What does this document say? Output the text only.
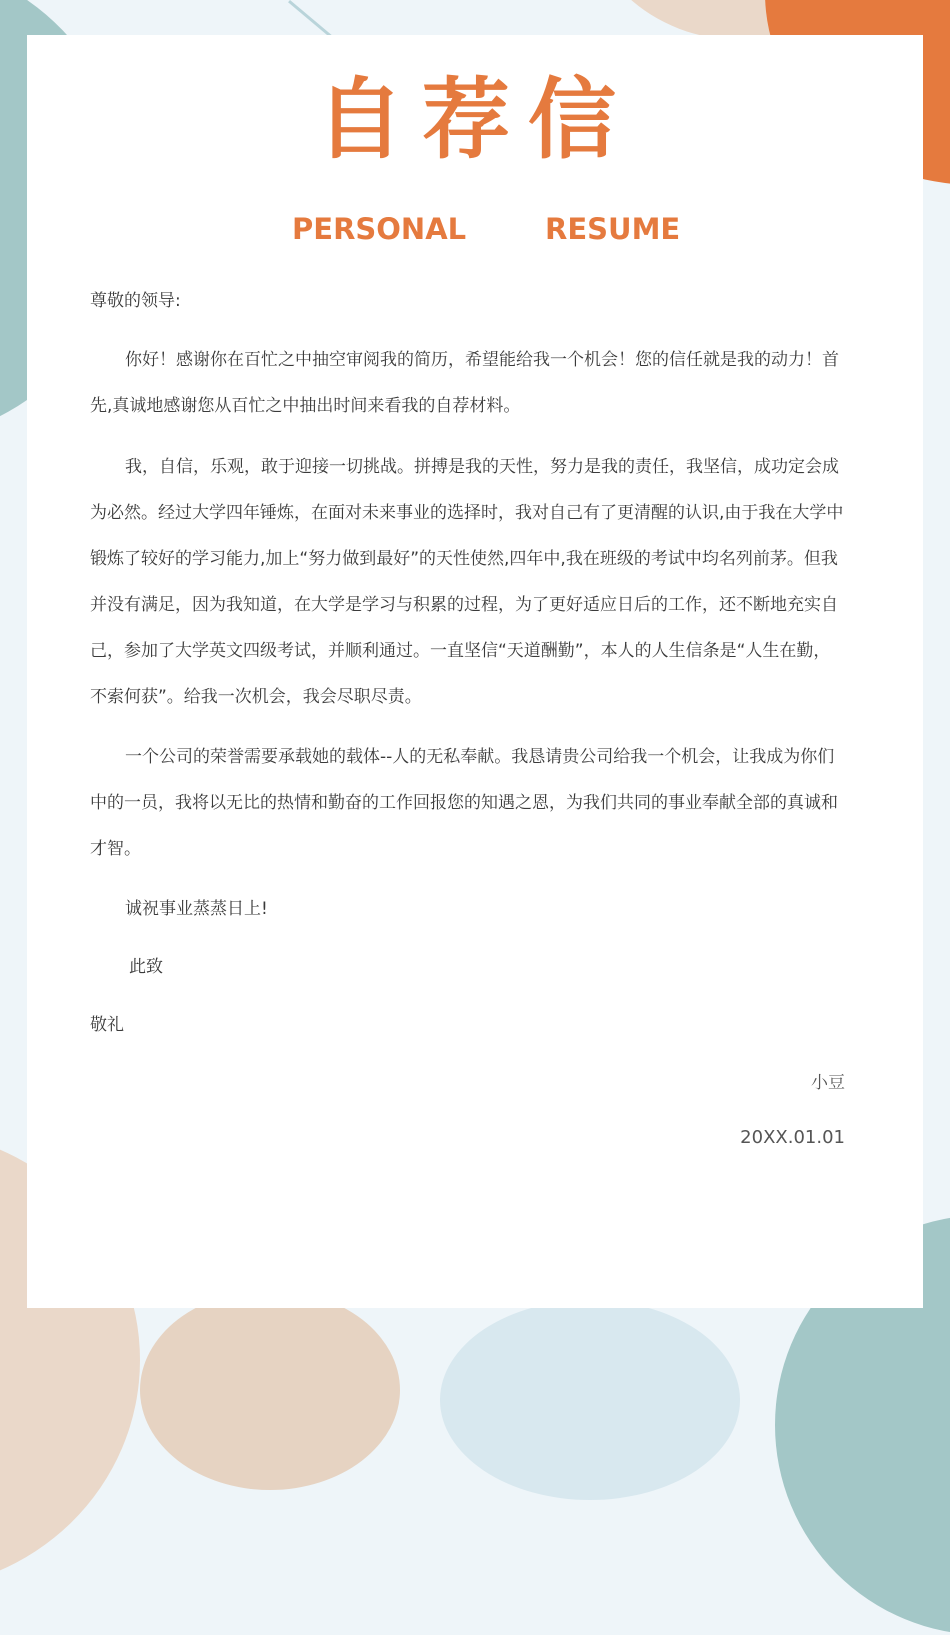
自荐信
PERSONAL	RESUME
尊敬的领导:

你好！感谢你在百忙之中抽空审阅我的简历，希望能给我一个机会！您的信任就是我的动力！首先,真诚地感谢您从百忙之中抽出时间来看我的自荐材料。

我，自信，乐观，敢于迎接一切挑战。拼搏是我的天性，努力是我的责任，我坚信，成功定会成为必然。经过大学四年锤炼，在面对未来事业的选择时，我对自己有了更清醒的认识,由于我在大学中锻炼了较好的学习能力,加上“努力做到最好”的天性使然,四年中,我在班级的考试中均名列前茅。但我并没有满足，因为我知道，在大学是学习与积累的过程，为了更好适应日后的工作，还不断地充实自己，参加了大学英文四级考试，并顺利通过。一直坚信“天道酬勤”，本人的人生信条是“人生在勤，不索何获”。给我一次机会，我会尽职尽责。

一个公司的荣誉需要承载她的载体--人的无私奉献。我恳请贵公司给我一个机会，让我成为你们中的一员，我将以无比的热情和勤奋的工作回报您的知遇之恩，为我们共同的事业奉献全部的真诚和才智。

诚祝事业蒸蒸日上!
此致
敬礼
小豆
20XX.01.01
